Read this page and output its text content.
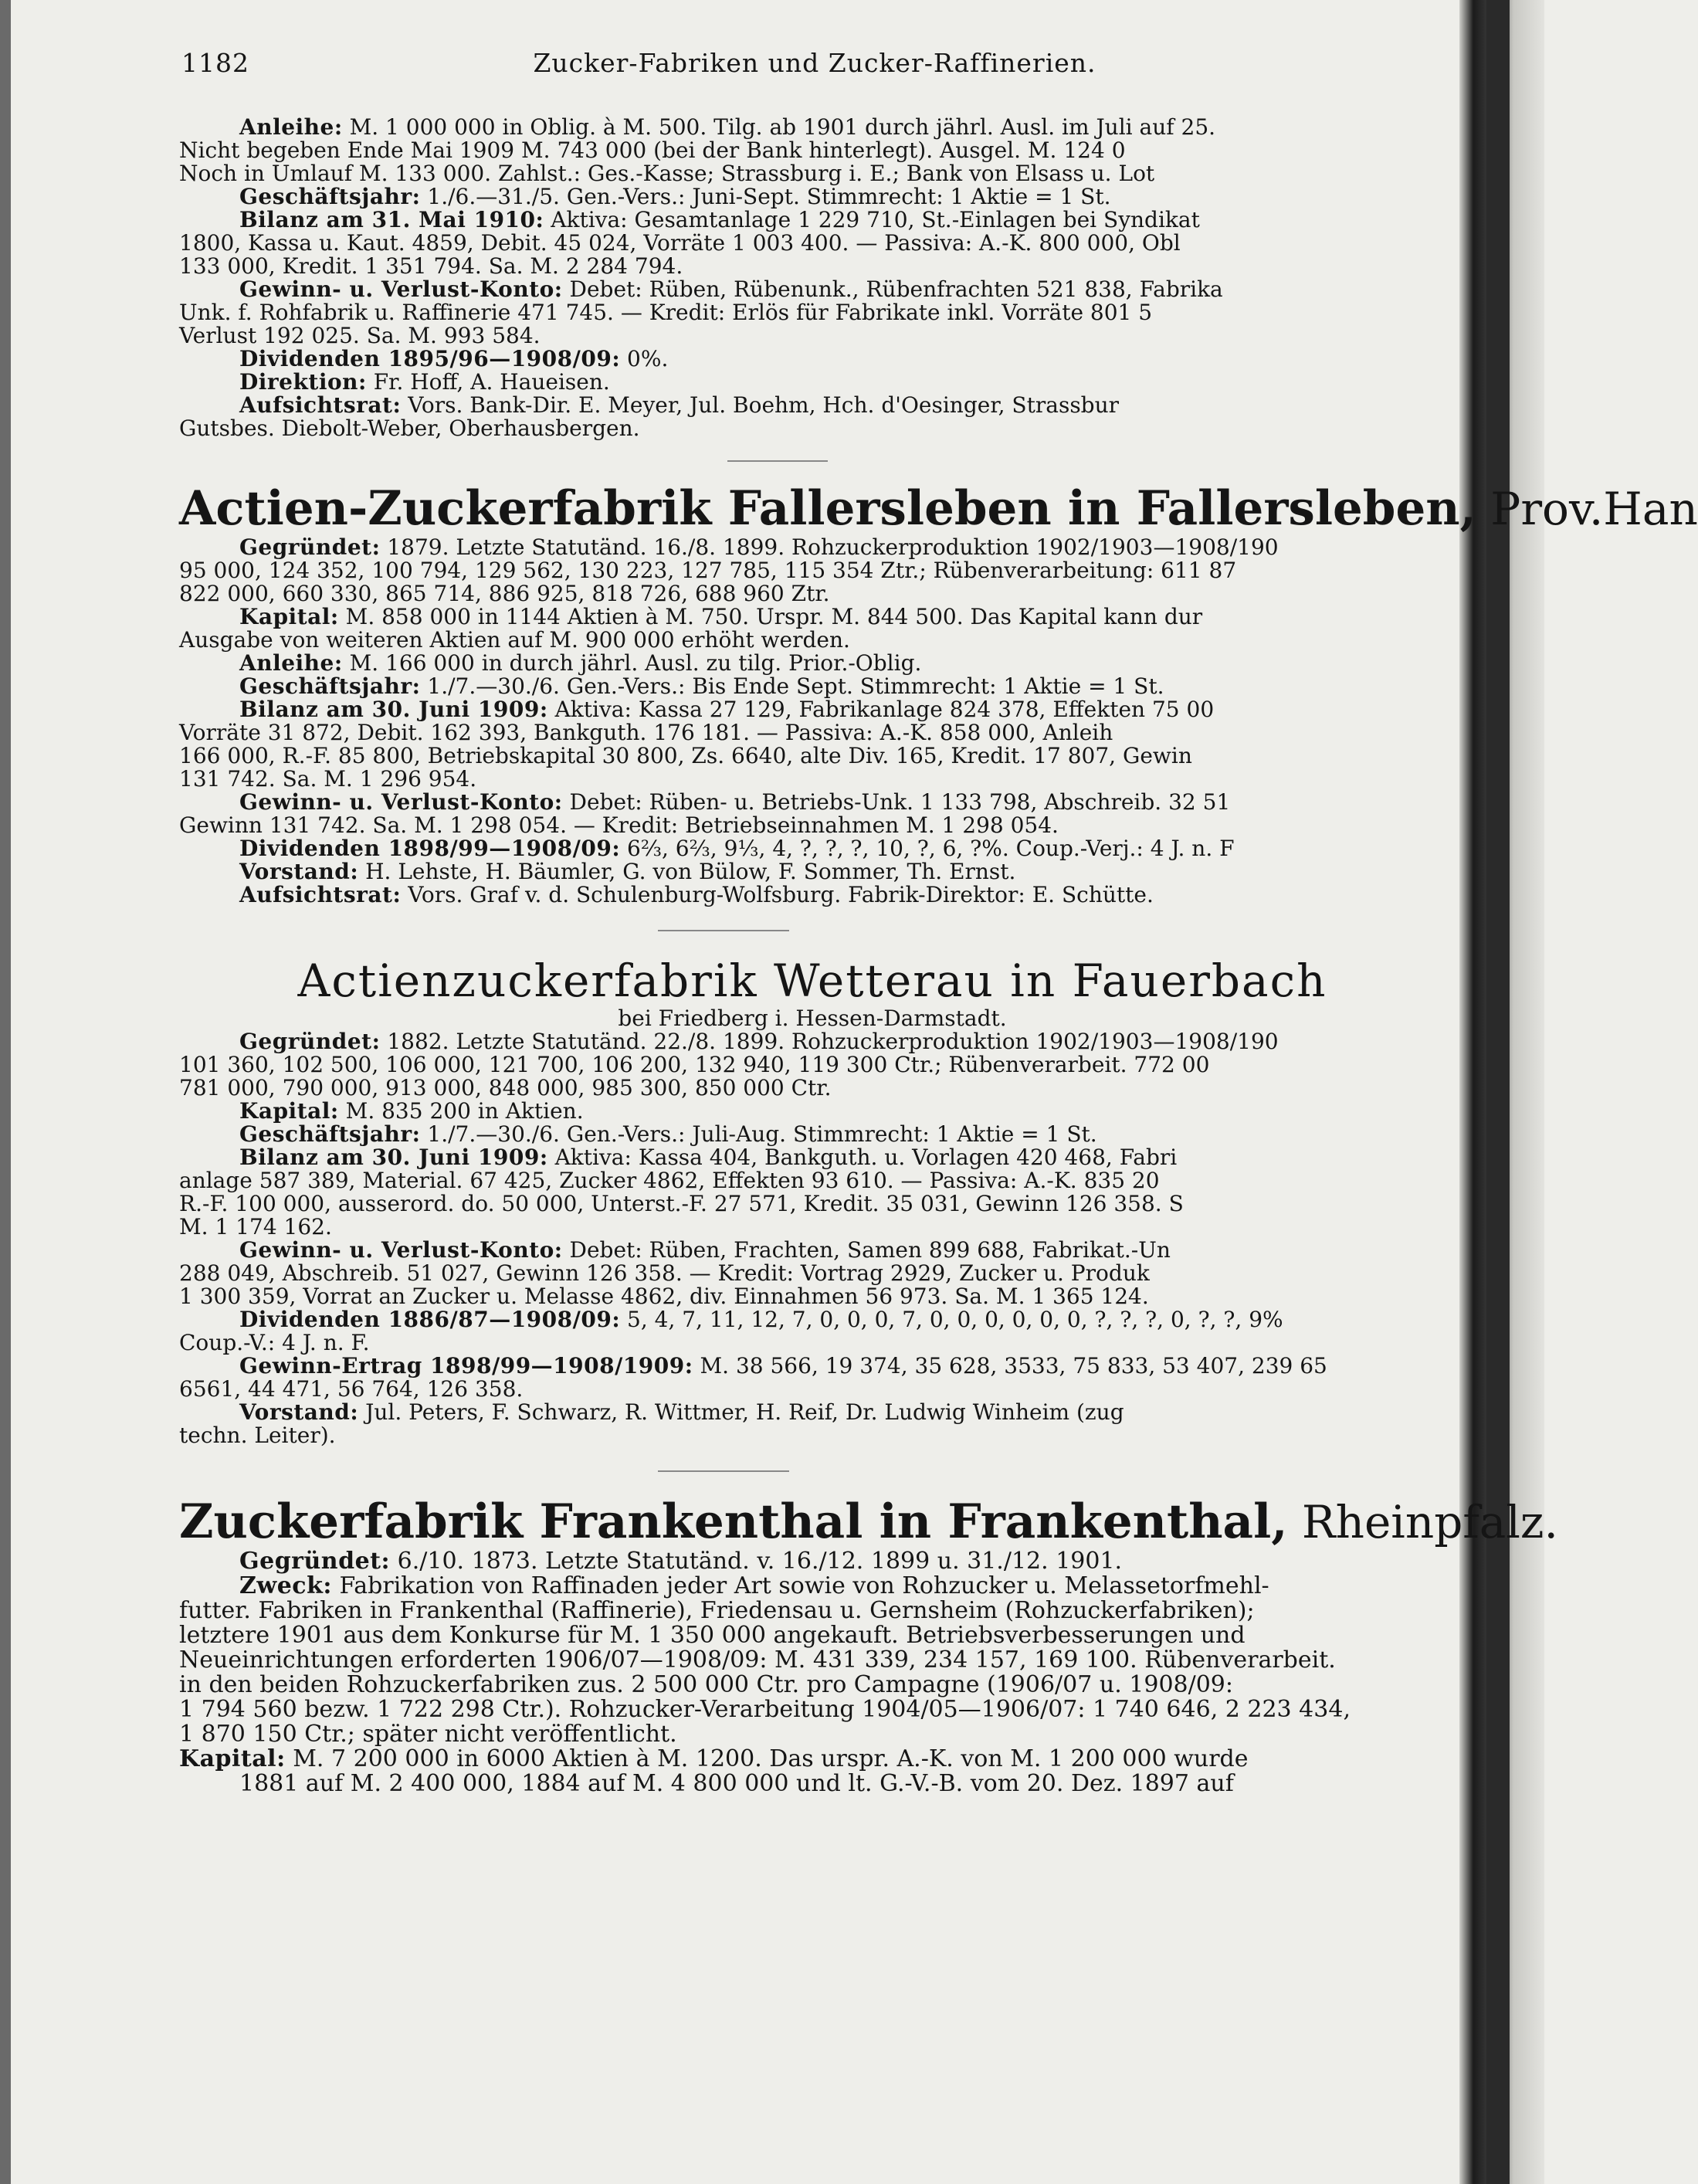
Zucker-Fabriken und Zucker-Raffinerien.
1182

Anleihe: M. 1 000 000 in Oblig. à M. 500. Tilg. ab 1901 durch jährl. Ausl. im Juli auf 25.

Nicht begeben Ende Mai 1909 M. 743 000 (bei der Bank hinterlegt). Ausgel. M. 124 0

Noch in Umlauf M. 133 000. Zahlst.: Ges.-Kasse; Strassburg i. E.; Bank von Elsass u. Lot

Geschäftsjahr: 1./6.—31./5. Gen.-Vers.: Juni-Sept. Stimmrecht: 1 Aktie = 1 St.

Bilanz am 31. Mai 1910: Aktiva: Gesamtanlage 1 229 710, St.-Einlagen bei Syndikat

1800, Kassa u. Kaut. 4859, Debit. 45 024, Vorräte 1 003 400. — Passiva: A.-K. 800 000, Obl

133 000, Kredit. 1 351 794. Sa. M. 2 284 794.

Gewinn- u. Verlust-Konto: Debet: Rüben, Rübenunk., Rübenfrachten 521 838, Fabrika

Unk. f. Rohfabrik u. Raffinerie 471 745. — Kredit: Erlös für Fabrikate inkl. Vorräte 801 5

Verlust 192 025. Sa. M. 993 584.

Dividenden 1895/96—1908/09: 0%.

Direktion: Fr. Hoff, A. Haueisen.

Aufsichtsrat: Vors. Bank-Dir. E. Meyer, Jul. Boehm, Hch. d'Oesinger, Strassbur

Gutsbes. Diebolt-Weber, Oberhausbergen.

Actien-Zuckerfabrik Fallersleben in Fallersleben, Prov.Han

Gegründet: 1879. Letzte Statutänd. 16./8. 1899. Rohzuckerproduktion 1902/1903—1908/190

95 000, 124 352, 100 794, 129 562, 130 223, 127 785, 115 354 Ztr.; Rübenverarbeitung: 611 87

822 000, 660 330, 865 714, 886 925, 818 726, 688 960 Ztr.

Kapital: M. 858 000 in 1144 Aktien à M. 750. Urspr. M. 844 500. Das Kapital kann dur

Ausgabe von weiteren Aktien auf M. 900 000 erhöht werden.

Anleihe: M. 166 000 in durch jährl. Ausl. zu tilg. Prior.-Oblig.

Geschäftsjahr: 1./7.—30./6. Gen.-Vers.: Bis Ende Sept. Stimmrecht: 1 Aktie = 1 St.

Bilanz am 30. Juni 1909: Aktiva: Kassa 27 129, Fabrikanlage 824 378, Effekten 75 00

Vorräte 31 872, Debit. 162 393, Bankguth. 176 181. — Passiva: A.-K. 858 000, Anleih

166 000, R.-F. 85 800, Betriebskapital 30 800, Zs. 6640, alte Div. 165, Kredit. 17 807, Gewin

131 742. Sa. M. 1 296 954.

Gewinn- u. Verlust-Konto: Debet: Rüben- u. Betriebs-Unk. 1 133 798, Abschreib. 32 51

Gewinn 131 742. Sa. M. 1 298 054. — Kredit: Betriebseinnahmen M. 1 298 054.

Dividenden 1898/99—1908/09: 6⅔, 6⅔, 9⅓, 4, ?, ?, ?, 10, ?, 6, ?%. Coup.-Verj.: 4 J. n. F

Vorstand: H. Lehste, H. Bäumler, G. von Bülow, F. Sommer, Th. Ernst.

Aufsichtsrat: Vors. Graf v. d. Schulenburg-Wolfsburg. Fabrik-Direktor: E. Schütte.

Actienzuckerfabrik Wetterau in Fauerbach

bei Friedberg i. Hessen-Darmstadt.

Gegründet: 1882. Letzte Statutänd. 22./8. 1899. Rohzuckerproduktion 1902/1903—1908/190

101 360, 102 500, 106 000, 121 700, 106 200, 132 940, 119 300 Ctr.; Rübenverarbeit. 772 00

781 000, 790 000, 913 000, 848 000, 985 300, 850 000 Ctr.

Kapital: M. 835 200 in Aktien.

Geschäftsjahr: 1./7.—30./6. Gen.-Vers.: Juli-Aug. Stimmrecht: 1 Aktie = 1 St.

Bilanz am 30. Juni 1909: Aktiva: Kassa 404, Bankguth. u. Vorlagen 420 468, Fabri

anlage 587 389, Material. 67 425, Zucker 4862, Effekten 93 610. — Passiva: A.-K. 835 20

R.-F. 100 000, ausserord. do. 50 000, Unterst.-F. 27 571, Kredit. 35 031, Gewinn 126 358. S

M. 1 174 162.

Gewinn- u. Verlust-Konto: Debet: Rüben, Frachten, Samen 899 688, Fabrikat.-Un

288 049, Abschreib. 51 027, Gewinn 126 358. — Kredit: Vortrag 2929, Zucker u. Produk

1 300 359, Vorrat an Zucker u. Melasse 4862, div. Einnahmen 56 973. Sa. M. 1 365 124.

Dividenden 1886/87—1908/09: 5, 4, 7, 11, 12, 7, 0, 0, 0, 7, 0, 0, 0, 0, 0, 0, ?, ?, ?, 0, ?, ?, 9%

Coup.-V.: 4 J. n. F.

Gewinn-Ertrag 1898/99—1908/1909: M. 38 566, 19 374, 35 628, 3533, 75 833, 53 407, 239 65

6561, 44 471, 56 764, 126 358.

Vorstand: Jul. Peters, F. Schwarz, R. Wittmer, H. Reif, Dr. Ludwig Winheim (zug

techn. Leiter).

Zuckerfabrik Frankenthal in Frankenthal, Rheinpfalz.

Gegründet: 6./10. 1873. Letzte Statutänd. v. 16./12. 1899 u. 31./12. 1901.

Zweck: Fabrikation von Raffinaden jeder Art sowie von Rohzucker u. Melassetorfmehl-

futter. Fabriken in Frankenthal (Raffinerie), Friedensau u. Gernsheim (Rohzuckerfabriken);

letztere 1901 aus dem Konkurse für M. 1 350 000 angekauft. Betriebsverbesserungen und

Neueinrichtungen erforderten 1906/07—1908/09: M. 431 339, 234 157, 169 100. Rübenverarbeit.

in den beiden Rohzuckerfabriken zus. 2 500 000 Ctr. pro Campagne (1906/07 u. 1908/09:

1 794 560 bezw. 1 722 298 Ctr.). Rohzucker-Verarbeitung 1904/05—1906/07: 1 740 646, 2 223 434,

1 870 150 Ctr.; später nicht veröffentlicht.

Kapital: M. 7 200 000 in 6000 Aktien à M. 1200. Das urspr. A.-K. von M. 1 200 000 wurde

1881 auf M. 2 400 000, 1884 auf M. 4 800 000 und lt. G.-V.-B. vom 20. Dez. 1897 auf
